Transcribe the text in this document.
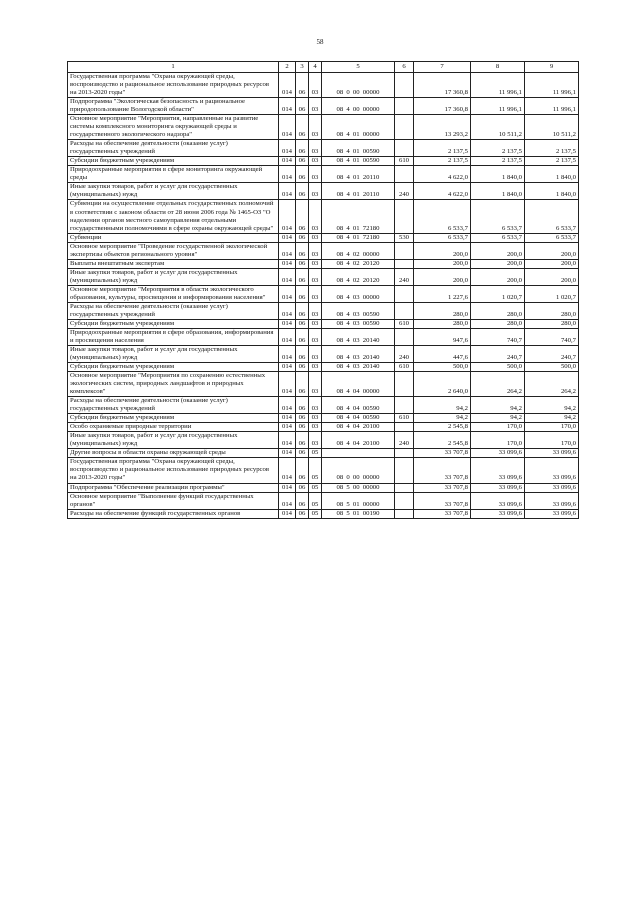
58
1	2	3	4	5	6	7	8	9
Государственная программа "Охрана окружающей среды, воспроизводство и рациональное использование природных ресурсов на 2013-2020 годы"	014	06	03	08 0 00 00000		17 360,8	11 996,1	11 996,1
Подпрограмма "Экологическая безопасность и рациональное природопользование Вологодской области"	014	06	03	08 4 00 00000		17 360,8	11 996,1	11 996,1
Основное мероприятие "Мероприятия, направленные на развитие системы комплексного мониторинга окружающей среды и государственного экологического надзора"	014	06	03	08 4 01 00000		13 293,2	10 511,2	10 511,2
Расходы на обеспечение деятельности (оказание услуг) государственных учреждений	014	06	03	08 4 01 00590		2 137,5	2 137,5	2 137,5
Субсидии бюджетным учреждениям	014	06	03	08 4 01 00590	610	2 137,5	2 137,5	2 137,5
Природоохранные мероприятия в сфере мониторинга окружающей среды	014	06	03	08 4 01 20110		4 622,0	1 840,0	1 840,0
Иные закупки товаров, работ и услуг для государственных (муниципальных) нужд	014	06	03	08 4 01 20110	240	4 622,0	1 840,0	1 840,0
Субвенции на осуществление отдельных государственных полномочий в соответствии с законом области от 28 июня 2006 года № 1465-ОЗ "О наделении органов местного самоуправления отдельными государственными полномочиями в сфере охраны окружающей среды"	014	06	03	08 4 01 72180		6 533,7	6 533,7	6 533,7
Субвенции	014	06	03	08 4 01 72180	530	6 533,7	6 533,7	6 533,7
Основное мероприятие "Проведение государственной экологической экспертизы объектов регионального уровня"	014	06	03	08 4 02 00000		200,0	200,0	200,0
Выплаты внештатным экспертам	014	06	03	08 4 02 20120		200,0	200,0	200,0
Иные закупки товаров, работ и услуг для государственных (муниципальных) нужд	014	06	03	08 4 02 20120	240	200,0	200,0	200,0
Основное мероприятие "Мероприятия в области экологического образования, культуры, просвещения и информирования населения"	014	06	03	08 4 03 00000		1 227,6	1 020,7	1 020,7
Расходы на обеспечение деятельности (оказание услуг) государственных учреждений	014	06	03	08 4 03 00590		280,0	280,0	280,0
Субсидии бюджетным учреждениям	014	06	03	08 4 03 00590	610	280,0	280,0	280,0
Природоохранные мероприятия в сфере образования, информирования и просвещения населения	014	06	03	08 4 03 20140		947,6	740,7	740,7
Иные закупки товаров, работ и услуг для государственных (муниципальных) нужд	014	06	03	08 4 03 20140	240	447,6	240,7	240,7
Субсидии бюджетным учреждениям	014	06	03	08 4 03 20140	610	500,0	500,0	500,0
Основное мероприятие "Мероприятия по сохранению естественных экологических систем, природных ландшафтов и природных комплексов"	014	06	03	08 4 04 00000		2 640,0	264,2	264,2
Расходы на обеспечение деятельности (оказание услуг) государственных учреждений	014	06	03	08 4 04 00590		94,2	94,2	94,2
Субсидии бюджетным учреждениям	014	06	03	08 4 04 00590	610	94,2	94,2	94,2
Особо охраняемые природные территории	014	06	03	08 4 04 20100		2 545,8	170,0	170,0
Иные закупки товаров, работ и услуг для государственных (муниципальных) нужд	014	06	03	08 4 04 20100	240	2 545,8	170,0	170,0
Другие вопросы в области охраны окружающей среды	014	06	05			33 707,8	33 099,6	33 099,6
Государственная программа "Охрана окружающей среды, воспроизводство и рациональное использование природных ресурсов на 2013-2020 годы"	014	06	05	08 0 00 00000		33 707,8	33 099,6	33 099,6
Подпрограмма "Обеспечение реализации программы"	014	06	05	08 5 00 00000		33 707,8	33 099,6	33 099,6
Основное мероприятие "Выполнение функций государственных органов"	014	06	05	08 5 01 00000		33 707,8	33 099,6	33 099,6
Расходы на обеспечение функций государственных органов	014	06	05	08 5 01 00190		33 707,8	33 099,6	33 099,6
